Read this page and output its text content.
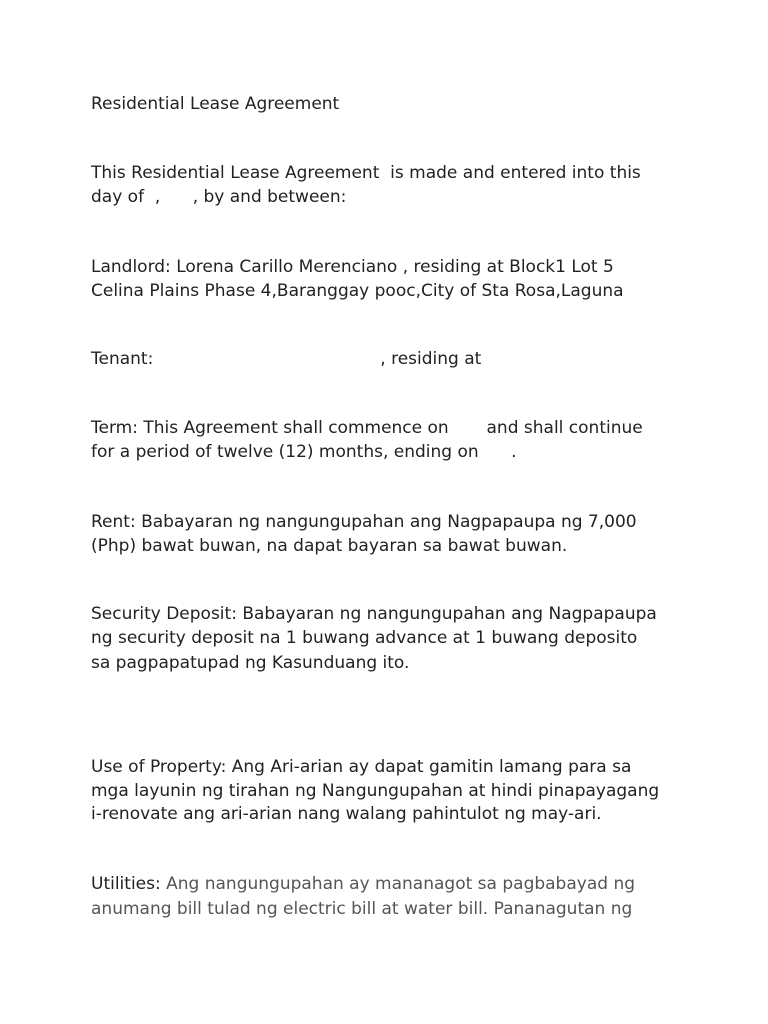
Residential Lease Agreement
This Residential Lease Agreement  is made and entered into this
day of  ,      , by and between:
Landlord: Lorena Carillo Merenciano , residing at Block1 Lot 5
Celina Plains Phase 4,Baranggay pooc,City of Sta Rosa,Laguna
Tenant:                                          , residing at
Term: This Agreement shall commence on       and shall continue
for a period of twelve (12) months, ending on      .
Rent: Babayaran ng nangungupahan ang Nagpapaupa ng 7,000
(Php) bawat buwan, na dapat bayaran sa bawat buwan.
Security Deposit: Babayaran ng nangungupahan ang Nagpapaupa
ng security deposit na 1 buwang advance at 1 buwang deposito
sa pagpapatupad ng Kasunduang ito.
Use of Property: Ang Ari-arian ay dapat gamitin lamang para sa
mga layunin ng tirahan ng Nangungupahan at hindi pinapayagang
i-renovate ang ari-arian nang walang pahintulot ng may-ari.
Utilities: Ang nangungupahan ay mananagot sa pagbabayad ng
anumang bill tulad ng electric bill at water bill. Pananagutan ng
